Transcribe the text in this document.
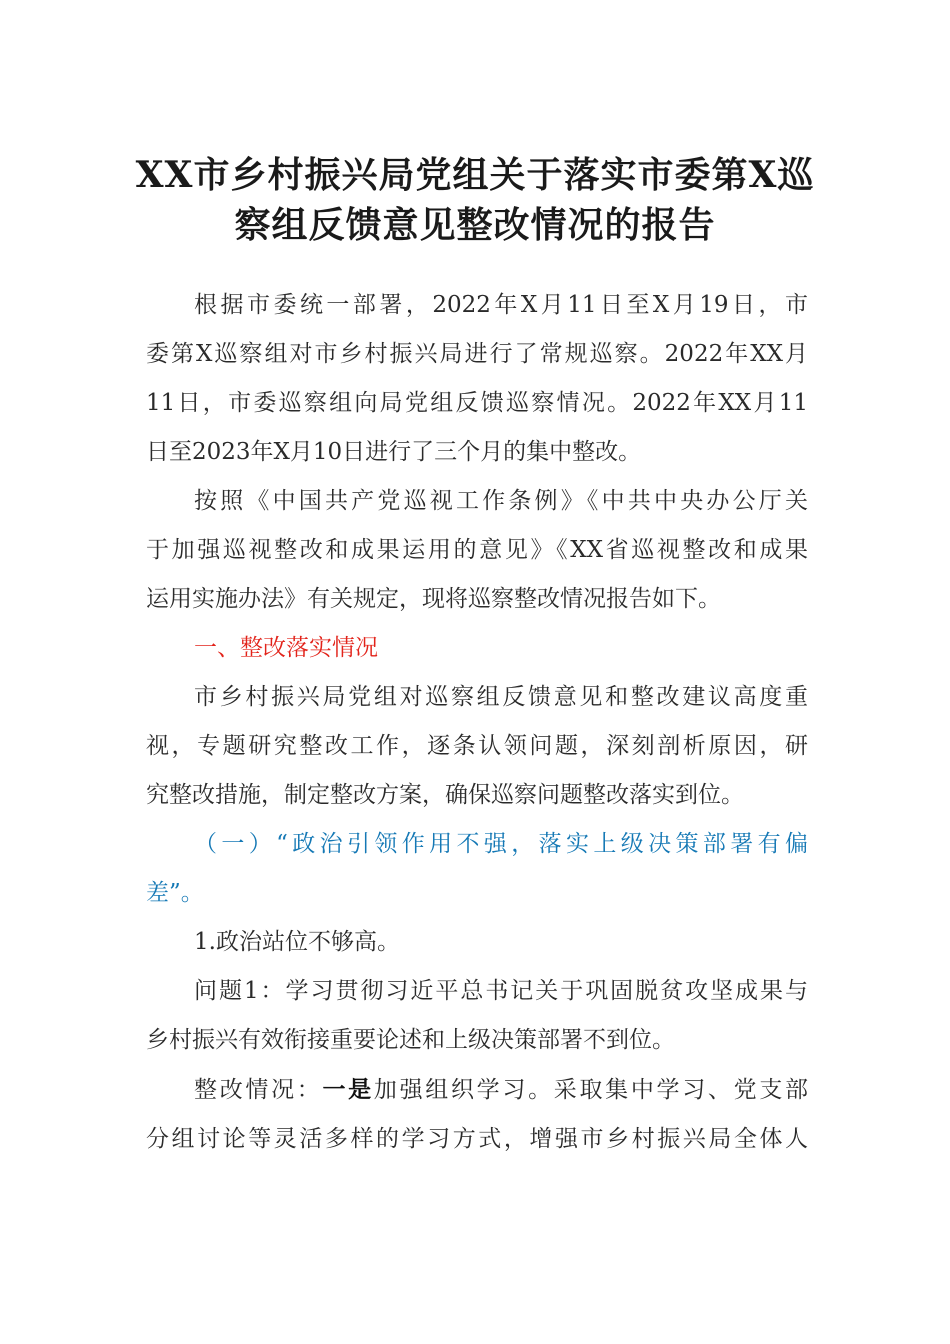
XX市乡村振兴局党组关于落实市委第X巡
察组反馈意见整改情况的报告
根据市委统一部署，2022年X月11日至X月19日，市
委第X巡察组对市乡村振兴局进行了常规巡察。2022年XX月
11日，市委巡察组向局党组反馈巡察情况。2022年XX月11
日至2023年X月10日进行了三个月的集中整改。
按照《中国共产党巡视工作条例》《中共中央办公厅关
于加强巡视整改和成果运用的意见》《XX省巡视整改和成果
运用实施办法》有关规定，现将巡察整改情况报告如下。
一、整改落实情况
市乡村振兴局党组对巡察组反馈意见和整改建议高度重
视，专题研究整改工作，逐条认领问题，深刻剖析原因，研
究整改措施，制定整改方案，确保巡察问题整改落实到位。
（一）“政治引领作用不强，落实上级决策部署有偏
差”。
1.政治站位不够高。
问题1：学习贯彻习近平总书记关于巩固脱贫攻坚成果与
乡村振兴有效衔接重要论述和上级决策部署不到位。
整改情况：一是加强组织学习。采取集中学习、党支部
分组讨论等灵活多样的学习方式，增强市乡村振兴局全体人
